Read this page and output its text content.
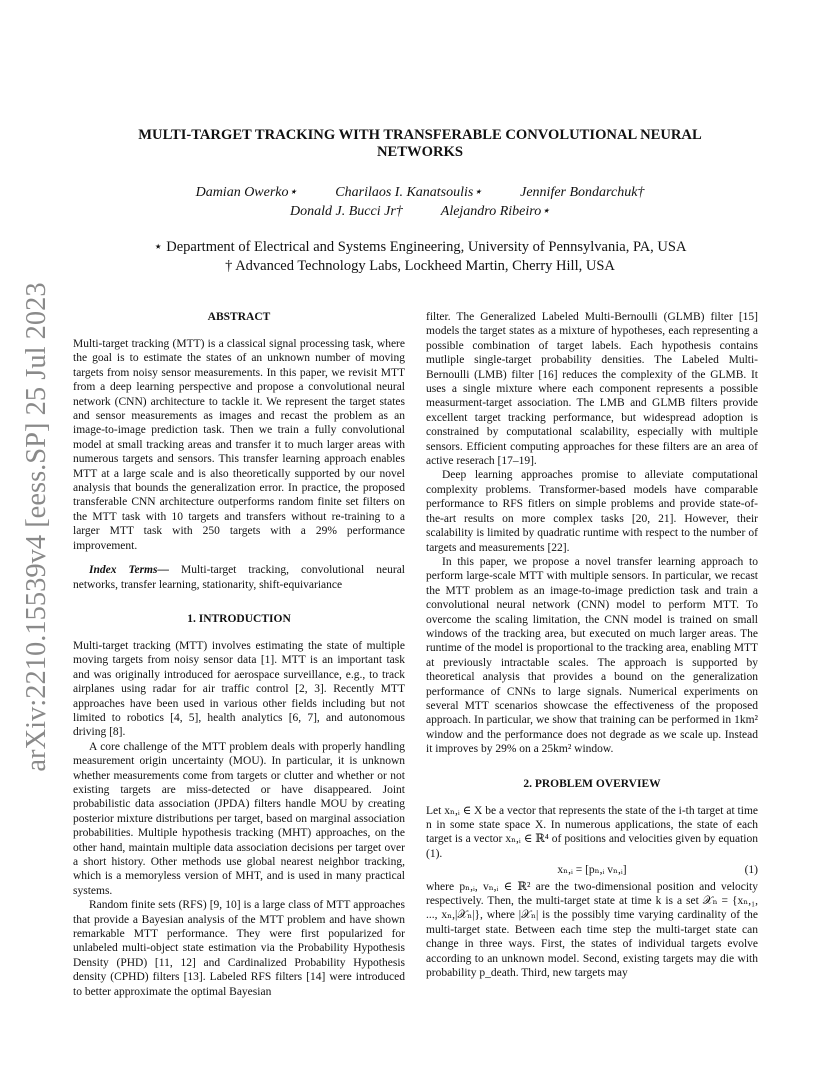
arXiv:2210.15539v4 [eess.SP] 25 Jul 2023
MULTI-TARGET TRACKING WITH TRANSFERABLE CONVOLUTIONAL NEURAL NETWORKS
Damian Owerko⋆	Charilaos I. Kanatsoulis⋆	Jennifer Bondarchuk†
Donald J. Bucci Jr†	Alejandro Ribeiro⋆
⋆ Department of Electrical and Systems Engineering, University of Pennsylvania, PA, USA
† Advanced Technology Labs, Lockheed Martin, Cherry Hill, USA
ABSTRACT

Multi-target tracking (MTT) is a classical signal processing task, where the goal is to estimate the states of an unknown number of moving targets from noisy sensor measurements. In this paper, we revisit MTT from a deep learning perspective and propose a convolutional neural network (CNN) architecture to tackle it. We represent the target states and sensor measurements as images and recast the problem as an image-to-image prediction task. Then we train a fully convolutional model at small tracking areas and transfer it to much larger areas with numerous targets and sensors. This transfer learning approach enables MTT at a large scale and is also theoretically supported by our novel analysis that bounds the generalization error. In practice, the proposed transferable CNN architecture outperforms random finite set filters on the MTT task with 10 targets and transfers without re-training to a larger MTT task with 250 targets with a 29% performance improvement.

Index Terms— Multi-target tracking, convolutional neural networks, transfer learning, stationarity, shift-equivariance

1. INTRODUCTION

Multi-target tracking (MTT) involves estimating the state of multiple moving targets from noisy sensor data [1]. MTT is an important task and was originally introduced for aerospace surveillance, e.g., to track airplanes using radar for air traffic control [2, 3]. Recently MTT approaches have been used in various other fields including but not limited to robotics [4, 5], health analytics [6, 7], and autonomous driving [8].

A core challenge of the MTT problem deals with properly handling measurement origin uncertainty (MOU). In particular, it is unknown whether measurements come from targets or clutter and whether or not existing targets are miss-detected or have disappeared. Joint probabilistic data association (JPDA) filters handle MOU by creating posterior mixture distributions per target, based on marginal association probabilities. Multiple hypothesis tracking (MHT) approaches, on the other hand, maintain multiple data association decisions per target over a short history. Other methods use global nearest neighbor tracking, which is a memoryless version of MHT, and is used in many practical systems.

Random finite sets (RFS) [9, 10] is a large class of MTT approaches that provide a Bayesian analysis of the MTT problem and have shown remarkable MTT performance. They were first popularized for unlabeled multi-object state estimation via the Probability Hypothesis Density (PHD) [11, 12] and Cardinalized Probability Hypothesis density (CPHD) filters [13]. Labeled RFS filters [14] were introduced to better approximate the optimal Bayesian

filter. The Generalized Labeled Multi-Bernoulli (GLMB) filter [15] models the target states as a mixture of hypotheses, each representing a possible combination of target labels. Each hypothesis contains mutliple single-target probability densities. The Labeled Multi-Bernoulli (LMB) filter [16] reduces the complexity of the GLMB. It uses a single mixture where each component represents a possible measurment-target association. The LMB and GLMB filters provide excellent target tracking performance, but widespread adoption is constrained by computational scalability, especially with multiple sensors. Efficient computing approaches for these filters are an area of active reserach [17–19].

Deep learning approaches promise to alleviate computational complexity problems. Transformer-based models have comparable performance to RFS fitlers on simple problems and provide state-of-the-art results on more complex tasks [20, 21]. However, their scalability is limited by quadratic runtime with respect to the number of targets and measurements [22].

In this paper, we propose a novel transfer learning approach to perform large-scale MTT with multiple sensors. In particular, we recast the MTT problem as an image-to-image prediction task and train a convolutional neural network (CNN) model to perform MTT. To overcome the scaling limitation, the CNN model is trained on small windows of the tracking area, but executed on much larger areas. The runtime of the model is proportional to the tracking area, enabling MTT at previously intractable scales. The approach is supported by theoretical analysis that provides a bound on the generalization performance of CNNs to large signals. Numerical experiments on several MTT scenarios showcase the effectiveness of the proposed approach. In particular, we show that training can be performed in 1km² window and the performance does not degrade as we scale up. Instead it improves by 29% on a 25km² window.

2. PROBLEM OVERVIEW

Let xₙ,ᵢ ∈ X be a vector that represents the state of the i-th target at time n in some state space X. In numerous applications, the state of each target is a vector xₙ,ᵢ ∈ ℝ⁴ of positions and velocities given by equation (1).

xₙ,ᵢ = [pₙ,ᵢ vₙ,ᵢ]	(1)

where pₙ,ᵢ, vₙ,ᵢ ∈ ℝ² are the two-dimensional position and velocity respectively. Then, the multi-target state at time k is a set 𝒳ₙ = {xₙ,₁, ..., xₙ,|𝒳ₙ|}, where |𝒳ₙ| is the possibly time varying cardinality of the multi-target state. Between each time step the multi-target state can change in three ways. First, the states of individual targets evolve according to an unknown model. Second, existing targets may die with probability p_death. Third, new targets may
